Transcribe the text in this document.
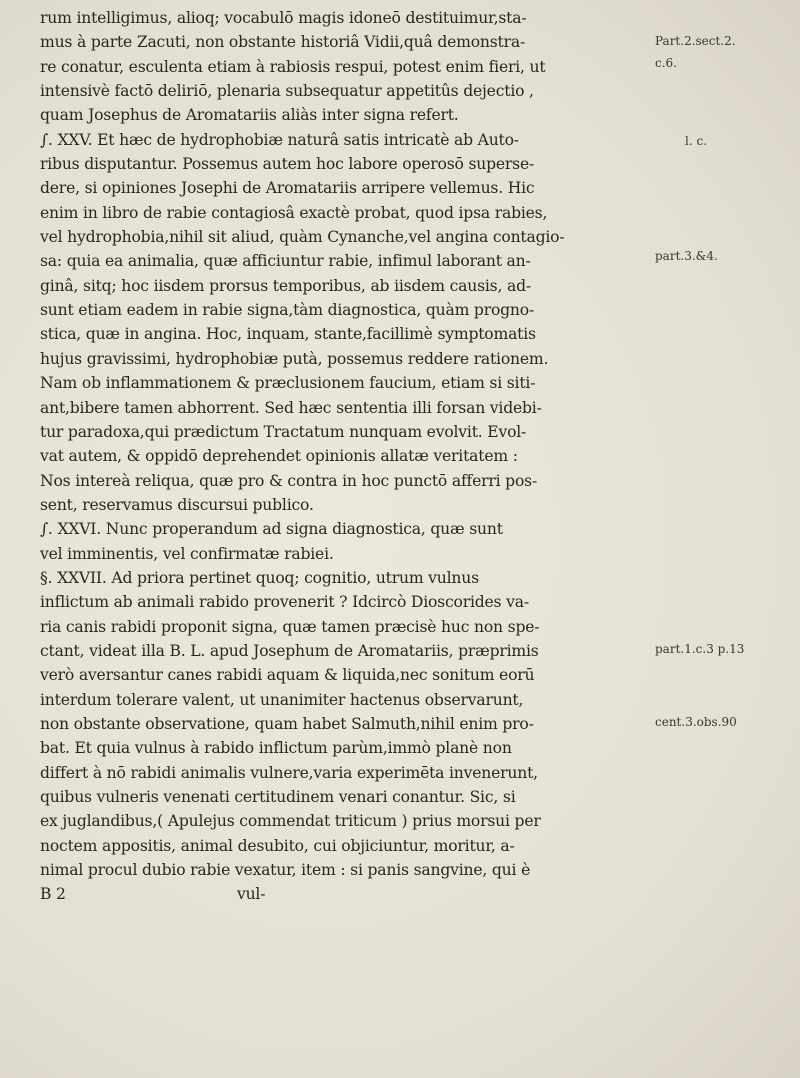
rum intelligimus, alioq; vocabulō magis idoneō destituimur,sta-
mus à parte Zacuti, non obstante historiâ Vidii,quâ demonstra-
re conatur, esculenta etiam à rabiosis respui, potest enim fieri, ut
intensivè factō deliriō, plenaria subsequatur appetitûs dejectio ,
quam Josephus de Aromatariis aliàs inter signa refert.
∫. XXV. Et hæc de hydrophobiæ naturâ satis intricatè ab Auto-
ribus disputantur. Possemus autem hoc labore operosō superse-
dere, si opiniones Josephi de Aromatariis arripere vellemus. Hic
enim in libro de rabie contagiosâ exactè probat, quod ipsa rabies,
vel hydrophobia,nihil sit aliud, quàm Cynanche,vel angina contagio-
sa: quia ea animalia, quæ afficiuntur rabie, infimul laborant an-
ginâ, sitq; hoc iisdem prorsus temporibus, ab iisdem causis, ad-
sunt etiam eadem in rabie signa,tàm diagnostica, quàm progno-
stica, quæ in angina. Hoc, inquam, stante,facillimè symptomatis
hujus gravissimi, hydrophobiæ putà, possemus reddere rationem.
Nam ob inflammationem & præclusionem faucium, etiam si siti-
ant,bibere tamen abhorrent. Sed hæc sententia illi forsan videbi-
tur paradoxa,qui prædictum Tractatum nunquam evolvit. Evol-
vat autem, & oppidō deprehendet opinionis allatæ veritatem :
Nos intereà reliqua, quæ pro & contra in hoc punctō afferri pos-
sent, reservamus discursui publico.
∫. XXVI. Nunc properandum ad signa diagnostica, quæ sunt
vel imminentis, vel confirmatæ rabiei.
§. XXVII. Ad priora pertinet quoq; cognitio, utrum vulnus
inflictum ab animali rabido provenerit ? Idcircò Dioscorides va-
ria canis rabidi proponit signa, quæ tamen præcisè huc non spe-
ctant, videat illa B. L. apud Josephum de Aromatariis, præprimis
verò aversantur canes rabidi aquam & liquida,nec sonitum eorū
interdum tolerare valent, ut unanimiter hactenus observarunt,
non obstante observatione, quam habet Salmuth,nihil enim pro-
bat. Et quia vulnus à rabido inflictum parùm,immò planè non
differt à nō rabidi animalis vulnere,varia experimēta invenerunt,
quibus vulneris venenati certitudinem venari conantur. Sic, si
ex juglandibus,( Apulejus commendat triticum ) prius morsui per
noctem appositis, animal desubito, cui objiciuntur, moritur, a-
nimal procul dubio rabie vexatur, item : si panis sangvine, qui è
B 2                                    vul-
Part.2.sect.2.
c.6.
l. c.
part.3.&4.
part.1.c.3 p.13
cent.3.obs.90
